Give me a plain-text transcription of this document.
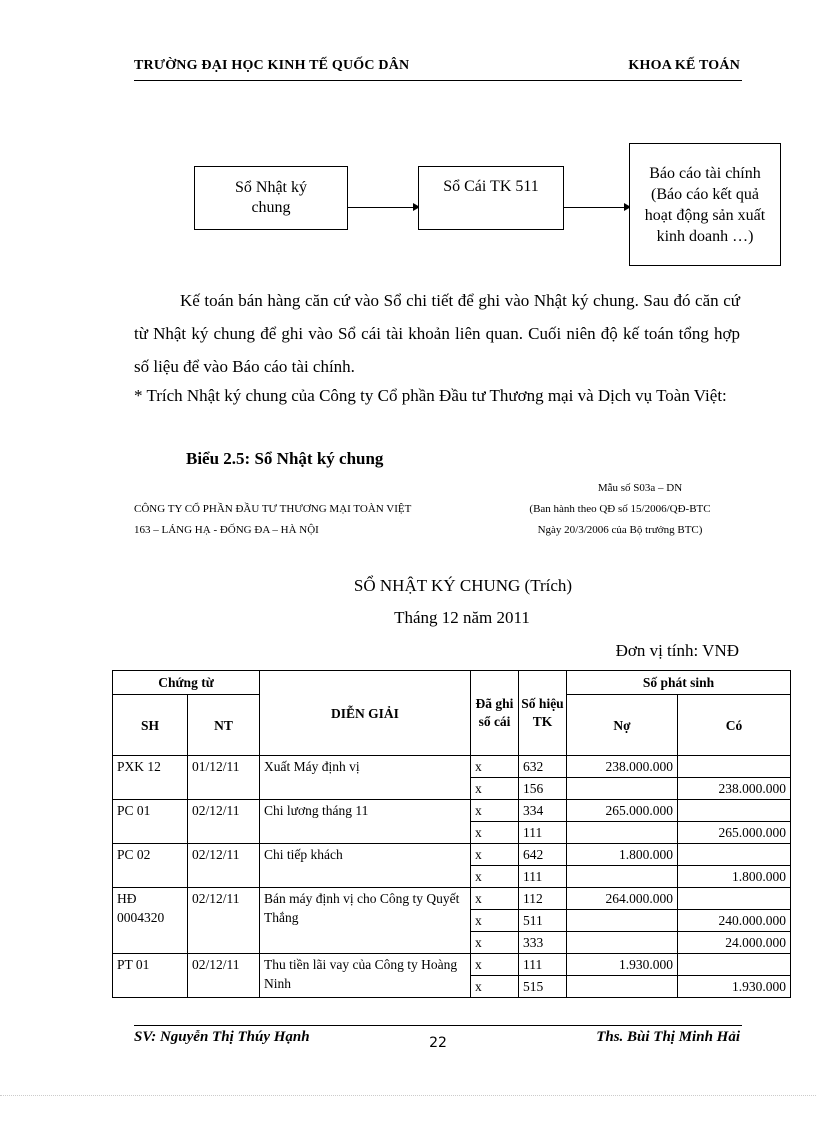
TRƯỜNG ĐẠI HỌC KINH TẾ QUỐC DÂN	KHOA KẾ TOÁN
Sổ Nhật ký chung
Sổ Cái TK 511
Báo cáo tài chính (Báo cáo kết quả hoạt động sản xuất kinh doanh …)
Kế toán bán hàng căn cứ vào Sổ chi tiết để ghi vào Nhật ký chung. Sau đó căn cứ từ Nhật ký chung để ghi vào Sổ cái tài khoản liên quan. Cuối niên độ kế toán tổng hợp số liệu để vào Báo cáo tài chính.
* Trích Nhật ký chung của Công ty Cổ phần Đầu tư Thương mại và Dịch vụ Toàn Việt:
Biểu 2.5: Sổ Nhật ký chung
Mẫu số S03a – DN
CÔNG TY CỔ PHẦN ĐẦU TƯ THƯƠNG MẠI TOÀN VIỆT	(Ban hành theo QĐ số 15/2006/QĐ-BTC
163 – LÁNG HẠ - ĐỐNG ĐA – HÀ NỘI	Ngày 20/3/2006 của Bộ trưởng BTC)
SỔ NHẬT KÝ CHUNG (Trích)
Tháng 12 năm 2011
Đơn vị tính: VNĐ
Chứng từ		DIỄN GIẢI	Đã ghi sổ cái	Số hiệu TK	Số phát sinh	
SH	NT				Nợ	Có
PXK 12	01/12/11	Xuất Máy định vị	x	632	238.000.000	
			x	156		238.000.000
PC 01	02/12/11	Chi lương tháng 11	x	334	265.000.000	
			x	111		265.000.000
PC 02	02/12/11	Chi tiếp khách	x	642	1.800.000	
			x	111		1.800.000
HĐ 0004320	02/12/11	Bán máy định vị cho Công ty Quyết Thắng	x	112	264.000.000	
			x	511		240.000.000
			x	333		24.000.000
PT 01	02/12/11	Thu tiền lãi vay của Công ty Hoàng Ninh	x	111	1.930.000	
			x	515		1.930.000
SV: Nguyễn Thị Thúy Hạnh	22	Ths. Bùi Thị Minh Hải
